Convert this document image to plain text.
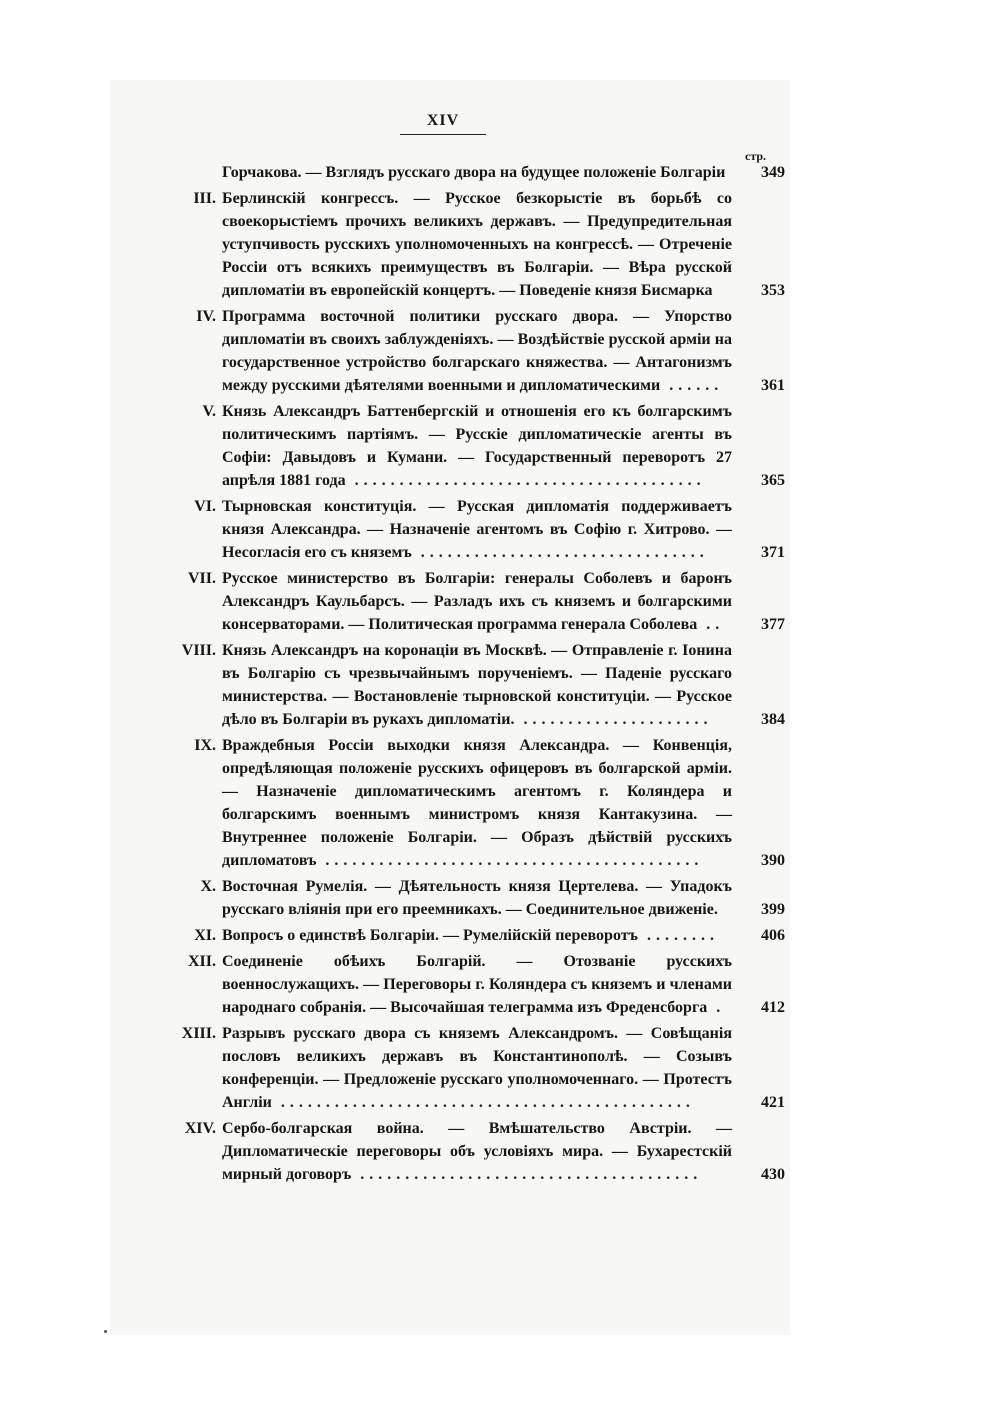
XIV
стр.
Горчакова. — Взглядъ русскаго двора на будущее положеніе Болгаріи	349
III. Берлинскій конгрессъ. — Русское безкорыстіе въ борьбѣ со своекорыстіемъ прочихъ великихъ державъ. — Предупредительная уступчивость русскихъ уполномоченныхъ на конгрессѣ. — Отреченіе Россіи отъ всякихъ преимуществъ въ Болгаріи. — Вѣра русской дипломатіи въ европейскій концертъ. — Поведеніе князя Бисмарка	353
IV. Программа восточной политики русскаго двора. — Упорство дипломатіи въ своихъ заблужденіяхъ. — Воздѣйствіе русской арміи на государственное устройство болгарскаго княжества. — Антагонизмъ между русскими дѣятелями военными и дипломатическими ......	361
V. Князь Александръ Баттенбергскій и отношенія его къ болгарскимъ политическимъ партіямъ. — Русскіе дипломатическіе агенты въ Софіи: Давыдовъ и Кумани. — Государственный переворотъ 27 апрѣля 1881 года .......................................	365
VI. Тырновская конституція. — Русская дипломатія поддерживаетъ князя Александра. — Назначеніе агентомъ въ Софію г. Хитрово. — Несогласія его съ княземъ ................................	371
VII. Русское министерство въ Болгаріи: генералы Соболевъ и баронъ Александръ Каульбарсъ. — Разладъ ихъ съ княземъ и болгарскими консерваторами. — Политическая программа генерала Соболева ..	377
VIII. Князь Александръ на коронаціи въ Москвѣ. — Отправленіе г. Іонина въ Болгарію съ чрезвычайнымъ порученіемъ. — Паденіе русскаго министерства. — Востановленіе тырновской конституціи. — Русское дѣло въ Болгаріи въ рукахъ дипломатіи. .....................	384
IX. Враждебныя Россіи выходки князя Александра. — Конвенція, опредѣляющая положеніе русскихъ офицеровъ въ болгарской арміи. — Назначеніе дипломатическимъ агентомъ г. Коляндера и болгарскимъ военнымъ министромъ князя Кантакузина. — Внутреннее положеніе Болгаріи. — Образъ дѣйствій русскихъ дипломатовъ ..........................................	390
X. Восточная Румелія. — Дѣятельность князя Цертелева. — Упадокъ русскаго вліянія при его преемникахъ. — Соединительное движеніе.	399
XI. Вопросъ о единствѣ Болгаріи. — Румелійскій переворотъ ........	406
XII. Соединеніе обѣихъ Болгарій. — Отозваніе русскихъ военнослужащихъ. — Переговоры г. Коляндера съ княземъ и членами народнаго собранія. — Высочайшая телеграмма изъ Фреденсборга .	412
XIII. Разрывъ русскаго двора съ княземъ Александромъ. — Совѣщанія пословъ великихъ державъ въ Константинополѣ. — Созывъ конференціи. — Предложеніе русскаго уполномоченнаго. — Протестъ Англіи ..............................................	421
XIV. Сербо-болгарская война. — Вмѣшательство Австріи. — Дипломатическіе переговоры объ условіяхъ мира. — Бухарестскій мирный договоръ ......................................	430
